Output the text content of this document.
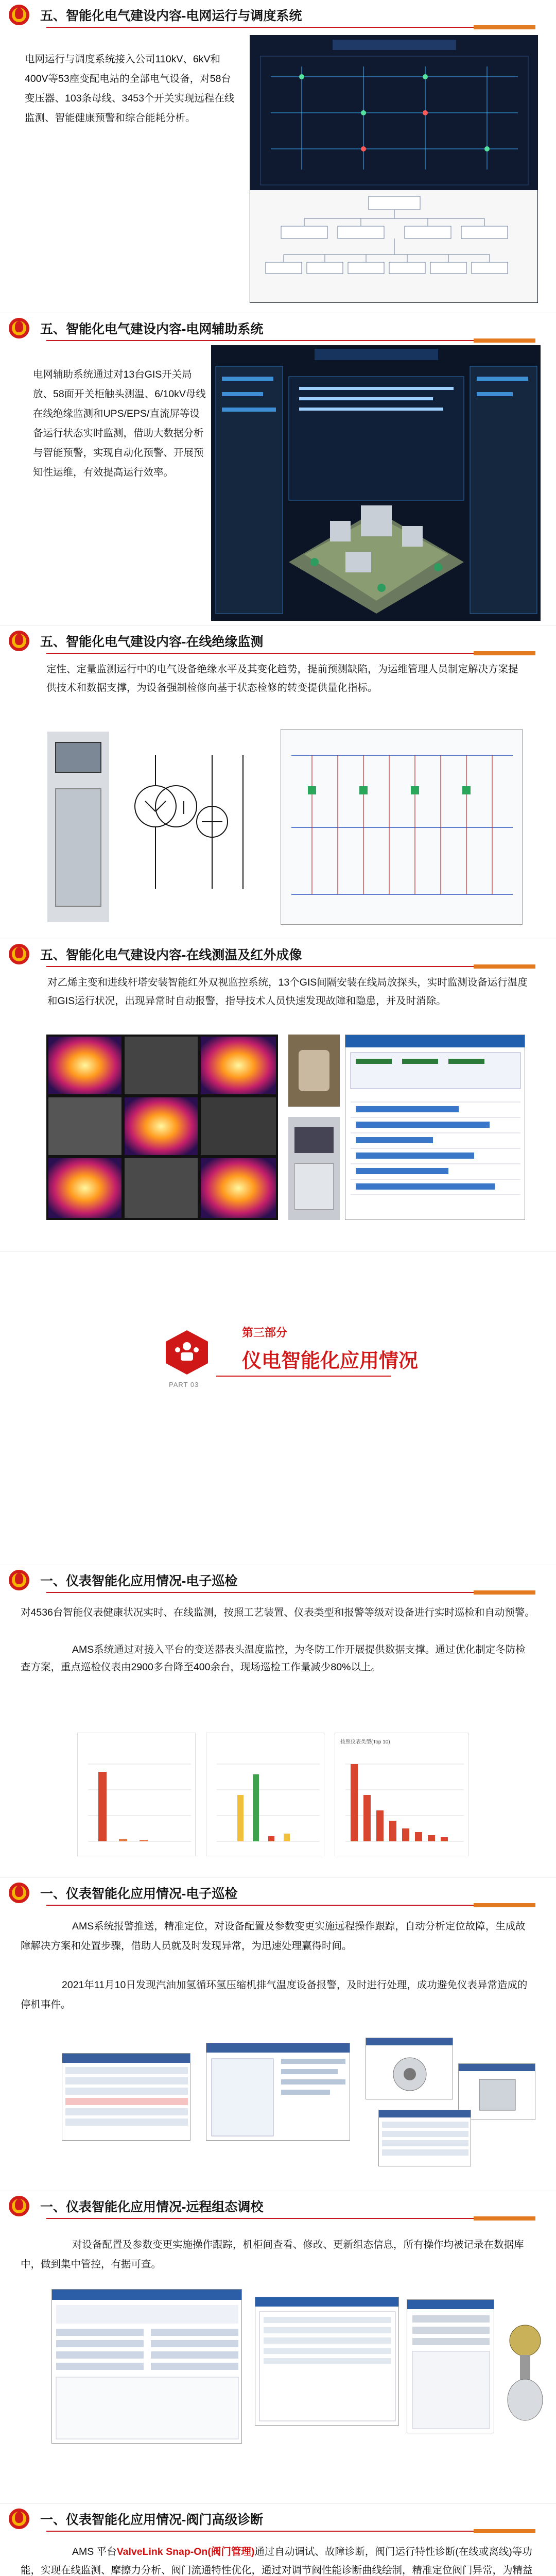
五、智能化电气建设内容-电网运行与调度系统
电网运行与调度系统接入公司110kV、6kV和400V等53座变配电站的全部电气设备，对58台变压器、103条母线、3453个开关实现远程在线监测、智能健康预警和综合能耗分析。
五、智能化电气建设内容-电网辅助系统
电网辅助系统通过对13台GIS开关局放、58面开关柜触头测温、6/10kV母线在线绝缘监测和UPS/EPS/直流屏等设备运行状态实时监测，借助大数据分析与智能预警，实现自动化预警、开展预知性运维，有效提高运行效率。
五、智能化电气建设内容-在线绝缘监测
定性、定量监测运行中的电气设备绝缘水平及其变化趋势，提前预测缺陷，为运维管理人员制定解决方案提供技术和数据支撑，为设备强制检修向基于状态检修的转变提供量化指标。
五、智能化电气建设内容-在线测温及红外成像
对乙烯主变和进线杆塔安装智能红外双视监控系统，13个GIS间隔安装在线局放探头，实时监测设备运行温度和GIS运行状况，出现异常时自动报警，指导技术人员快速发现故障和隐患，并及时消除。
PART 03
第三部分
仪电智能化应用情况
一、仪表智能化应用情况-电子巡检
对4536台智能仪表健康状况实时、在线监测，按照工艺装置、仪表类型和报警等级对设备进行实时巡检和自动预警。
AMS系统通过对接入平台的变送器表头温度监控，为冬防工作开展提供数据支撑。通过优化制定冬防检查方案，重点巡检仪表由2900多台降至400余台，现场巡检工作量减少80%以上。
按照仪表类型(Top 10)
一、仪表智能化应用情况-电子巡检
AMS系统报警推送，精准定位，对设备配置及参数变更实施远程操作跟踪，自动分析定位故障，生成故障解决方案和处置步骤，借助人员就及时发现异常，为迅速处理赢得时间。
2021年11月10日发现汽油加氢循环氢压缩机排气温度设备报警，及时进行处理，成功避免仪表异常造成的停机事件。
一、仪表智能化应用情况-远程组态调校
对设备配置及参数变更实施操作跟踪，机柜间查看、修改、更新组态信息，所有操作均被记录在数据库中，做到集中管控，有据可查。
一、仪表智能化应用情况-阀门高级诊断
AMS 平台ValveLink Snap-On(阀门管理)通过自动调试、故障诊断，阀门运行特性诊断(在线或离线)等功能，实现在线监测、摩擦力分析、阀门流通特性优化，通过对调节阀性能诊断曲线绘制，精准定位阀门异常，为精益
